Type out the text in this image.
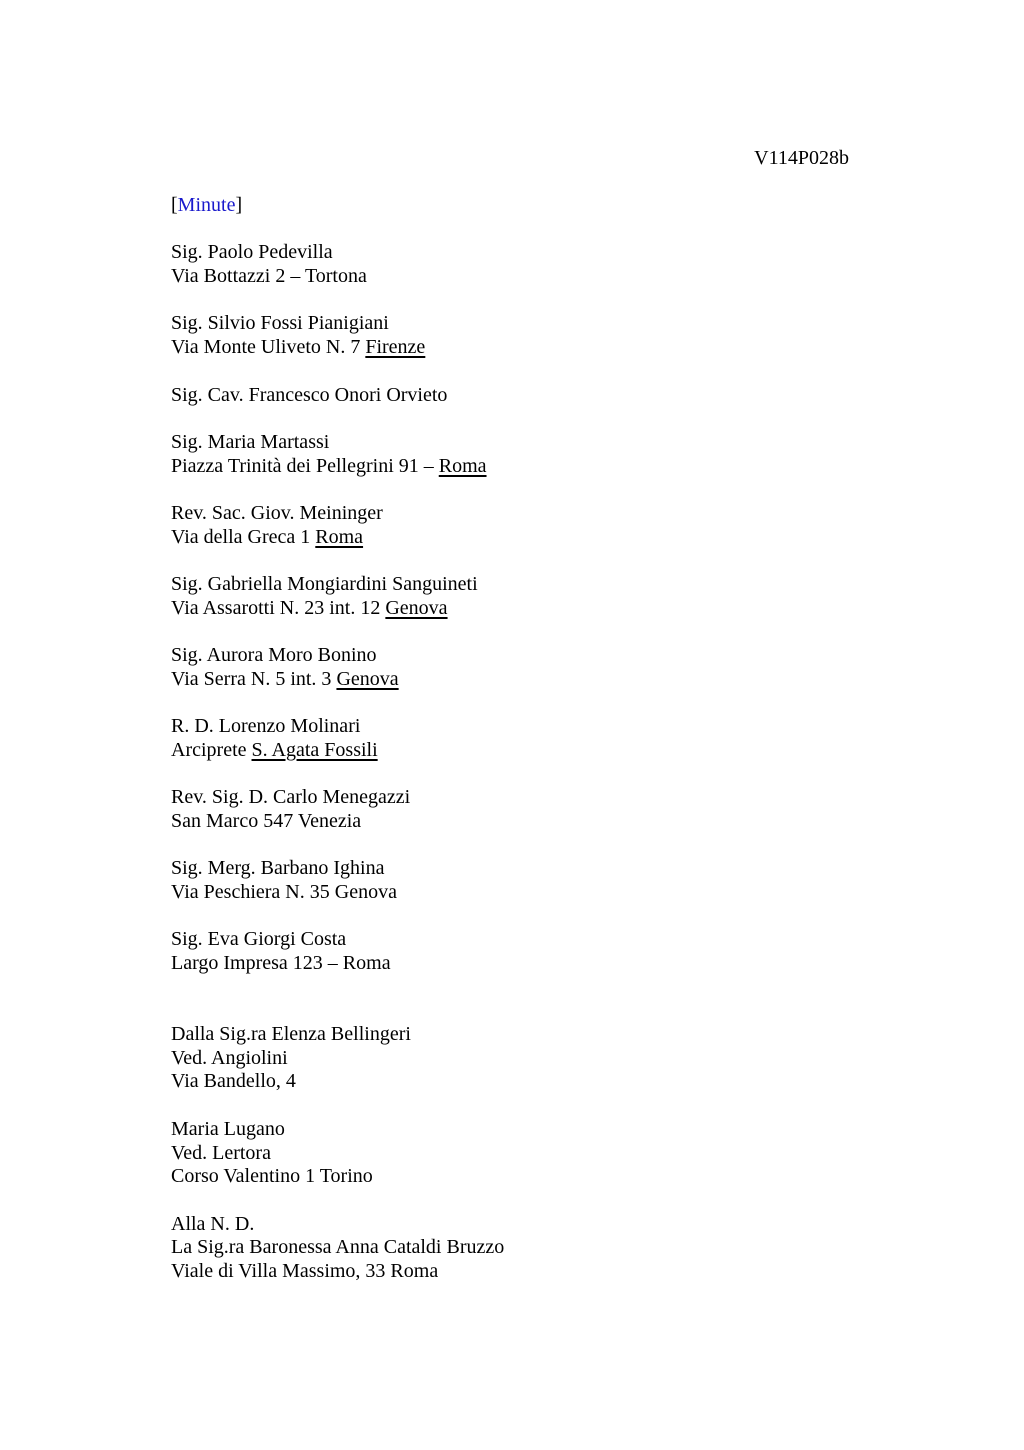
V114P028b
[Minute]
Sig. Paolo Pedevilla
Via Bottazzi 2 – Tortona
Sig. Silvio Fossi Pianigiani
Via Monte Uliveto N. 7 Firenze
Sig. Cav. Francesco Onori Orvieto
Sig. Maria Martassi
Piazza Trinità dei Pellegrini 91 – Roma
Rev. Sac. Giov. Meininger
Via della Greca 1 Roma
Sig. Gabriella Mongiardini Sanguineti
Via Assarotti N. 23 int. 12 Genova
Sig. Aurora Moro Bonino
Via Serra N. 5 int. 3 Genova
R. D. Lorenzo Molinari
Arciprete S. Agata Fossili
Rev. Sig. D. Carlo Menegazzi
San Marco 547 Venezia
Sig. Merg. Barbano Ighina
Via Peschiera N. 35 Genova
Sig. Eva Giorgi Costa
Largo Impresa 123 – Roma
Dalla Sig.ra Elenza Bellingeri
Ved. Angiolini
Via Bandello, 4
Maria Lugano
Ved. Lertora
Corso Valentino 1 Torino
Alla N. D.
La Sig.ra Baronessa Anna Cataldi Bruzzo
Viale di Villa Massimo, 33 Roma
